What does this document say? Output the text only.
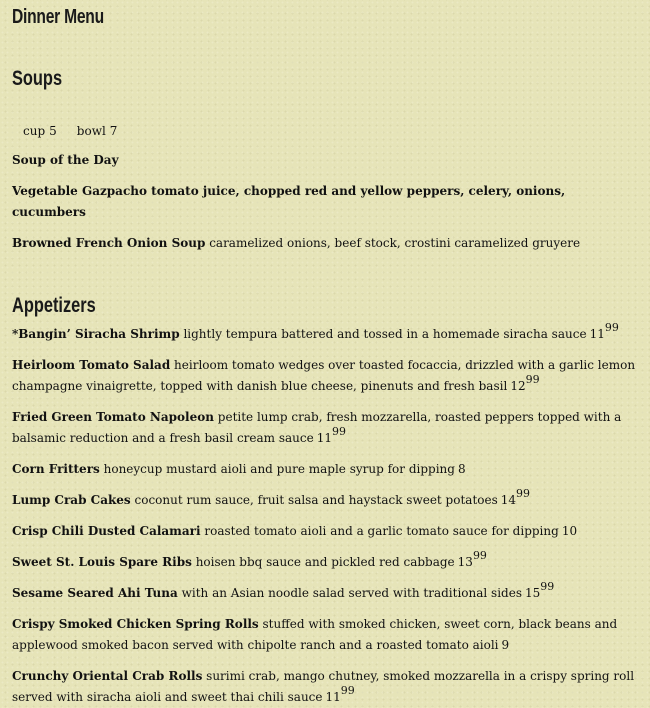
Dinner Menu
Soups
cup 5 bowl 7
Soup of the Day
Vegetable Gazpacho tomato juice, chopped red and yellow peppers, celery, onions, cucumbers
Browned French Onion Soup caramelized onions, beef stock, crostini caramelized gruyere
Appetizers
*Bangin’ Siracha Shrimp lightly tempura battered and tossed in a homemade siracha sauce 1199
Heirloom Tomato Salad heirloom tomato wedges over toasted focaccia, drizzled with a garlic lemon champagne vinaigrette, topped with danish blue cheese, pinenuts and fresh basil 1299
Fried Green Tomato Napoleon petite lump crab, fresh mozzarella, roasted peppers topped with a balsamic reduction and a fresh basil cream sauce 1199
Corn Fritters honeycup mustard aioli and pure maple syrup for dipping 8
Lump Crab Cakes coconut rum sauce, fruit salsa and haystack sweet potatoes 1499
Crisp Chili Dusted Calamari roasted tomato aioli and a garlic tomato sauce for dipping 10
Sweet St. Louis Spare Ribs hoisen bbq sauce and pickled red cabbage 1399
Sesame Seared Ahi Tuna with an Asian noodle salad served with traditional sides 1599
Crispy Smoked Chicken Spring Rolls stuffed with smoked chicken, sweet corn, black beans and applewood smoked bacon served with chipolte ranch and a roasted tomato aioli 9
Crunchy Oriental Crab Rolls surimi crab, mango chutney, smoked mozzarella in a crispy spring roll served with siracha aioli and sweet thai chili sauce 1199
